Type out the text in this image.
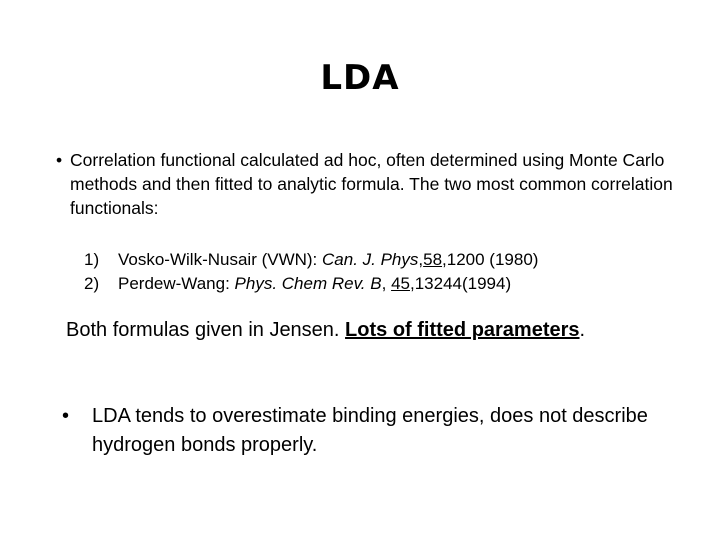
LDA
• Correlation functional calculated ad hoc, often determined using Monte Carlo methods and then fitted to analytic formula. The two most common correlation functionals:
1)	Vosko-Wilk-Nusair (VWN): Can. J. Phys,58,1200 (1980)
2)	Perdew-Wang: Phys. Chem Rev. B, 45,13244(1994)
Both formulas given in Jensen. Lots of fitted parameters.
• LDA tends to overestimate binding energies, does not describe hydrogen bonds properly.
